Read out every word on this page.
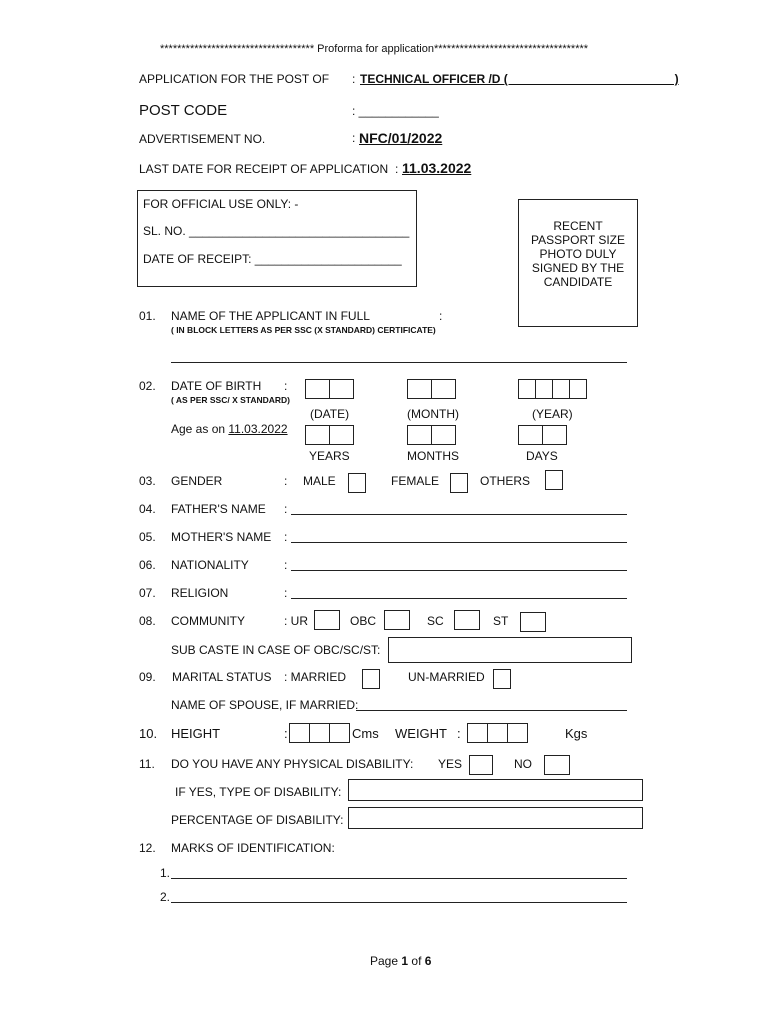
************************************ Proforma for application************************************
APPLICATION FOR THE POST OF : TECHNICAL OFFICER /D ( ________________________ )
POST CODE	: ____________
ADVERTISEMENT NO.	: NFC/01/2022
LAST DATE FOR RECEIPT OF APPLICATION : 11.03.2022
FOR OFFICIAL USE ONLY: -
SL. NO. _________________________________
DATE OF RECEIPT: ______________________
RECENT PASSPORT SIZE PHOTO DULY SIGNED BY THE CANDIDATE
01. NAME OF THE APPLICANT IN FULL	:
( IN BLOCK LETTERS AS PER SSC (X STANDARD) CERTIFICATE)
02. DATE OF BIRTH :
( AS PER SSC/ X STANDARD)
(DATE)	(MONTH)	(YEAR)
Age as on 11.03.2022
YEARS	MONTHS	DAYS
03. GENDER	: MALE	FEMALE	OTHERS
04. FATHER'S NAME :
05. MOTHER'S NAME :
06. NATIONALITY	:
07. RELIGION	:
08. COMMUNITY	: UR	OBC	SC	ST
SUB CASTE IN CASE OF OBC/SC/ST:
09. MARITAL STATUS : MARRIED	UN-MARRIED
NAME OF SPOUSE, IF MARRIED:
10. HEIGHT	:	Cms WEIGHT :	Kgs
11. DO YOU HAVE ANY PHYSICAL DISABILITY: YES	NO
IF YES, TYPE OF DISABILITY:
PERCENTAGE OF DISABILITY:
12. MARKS OF IDENTIFICATION:
1.
2.
Page 1 of 6
